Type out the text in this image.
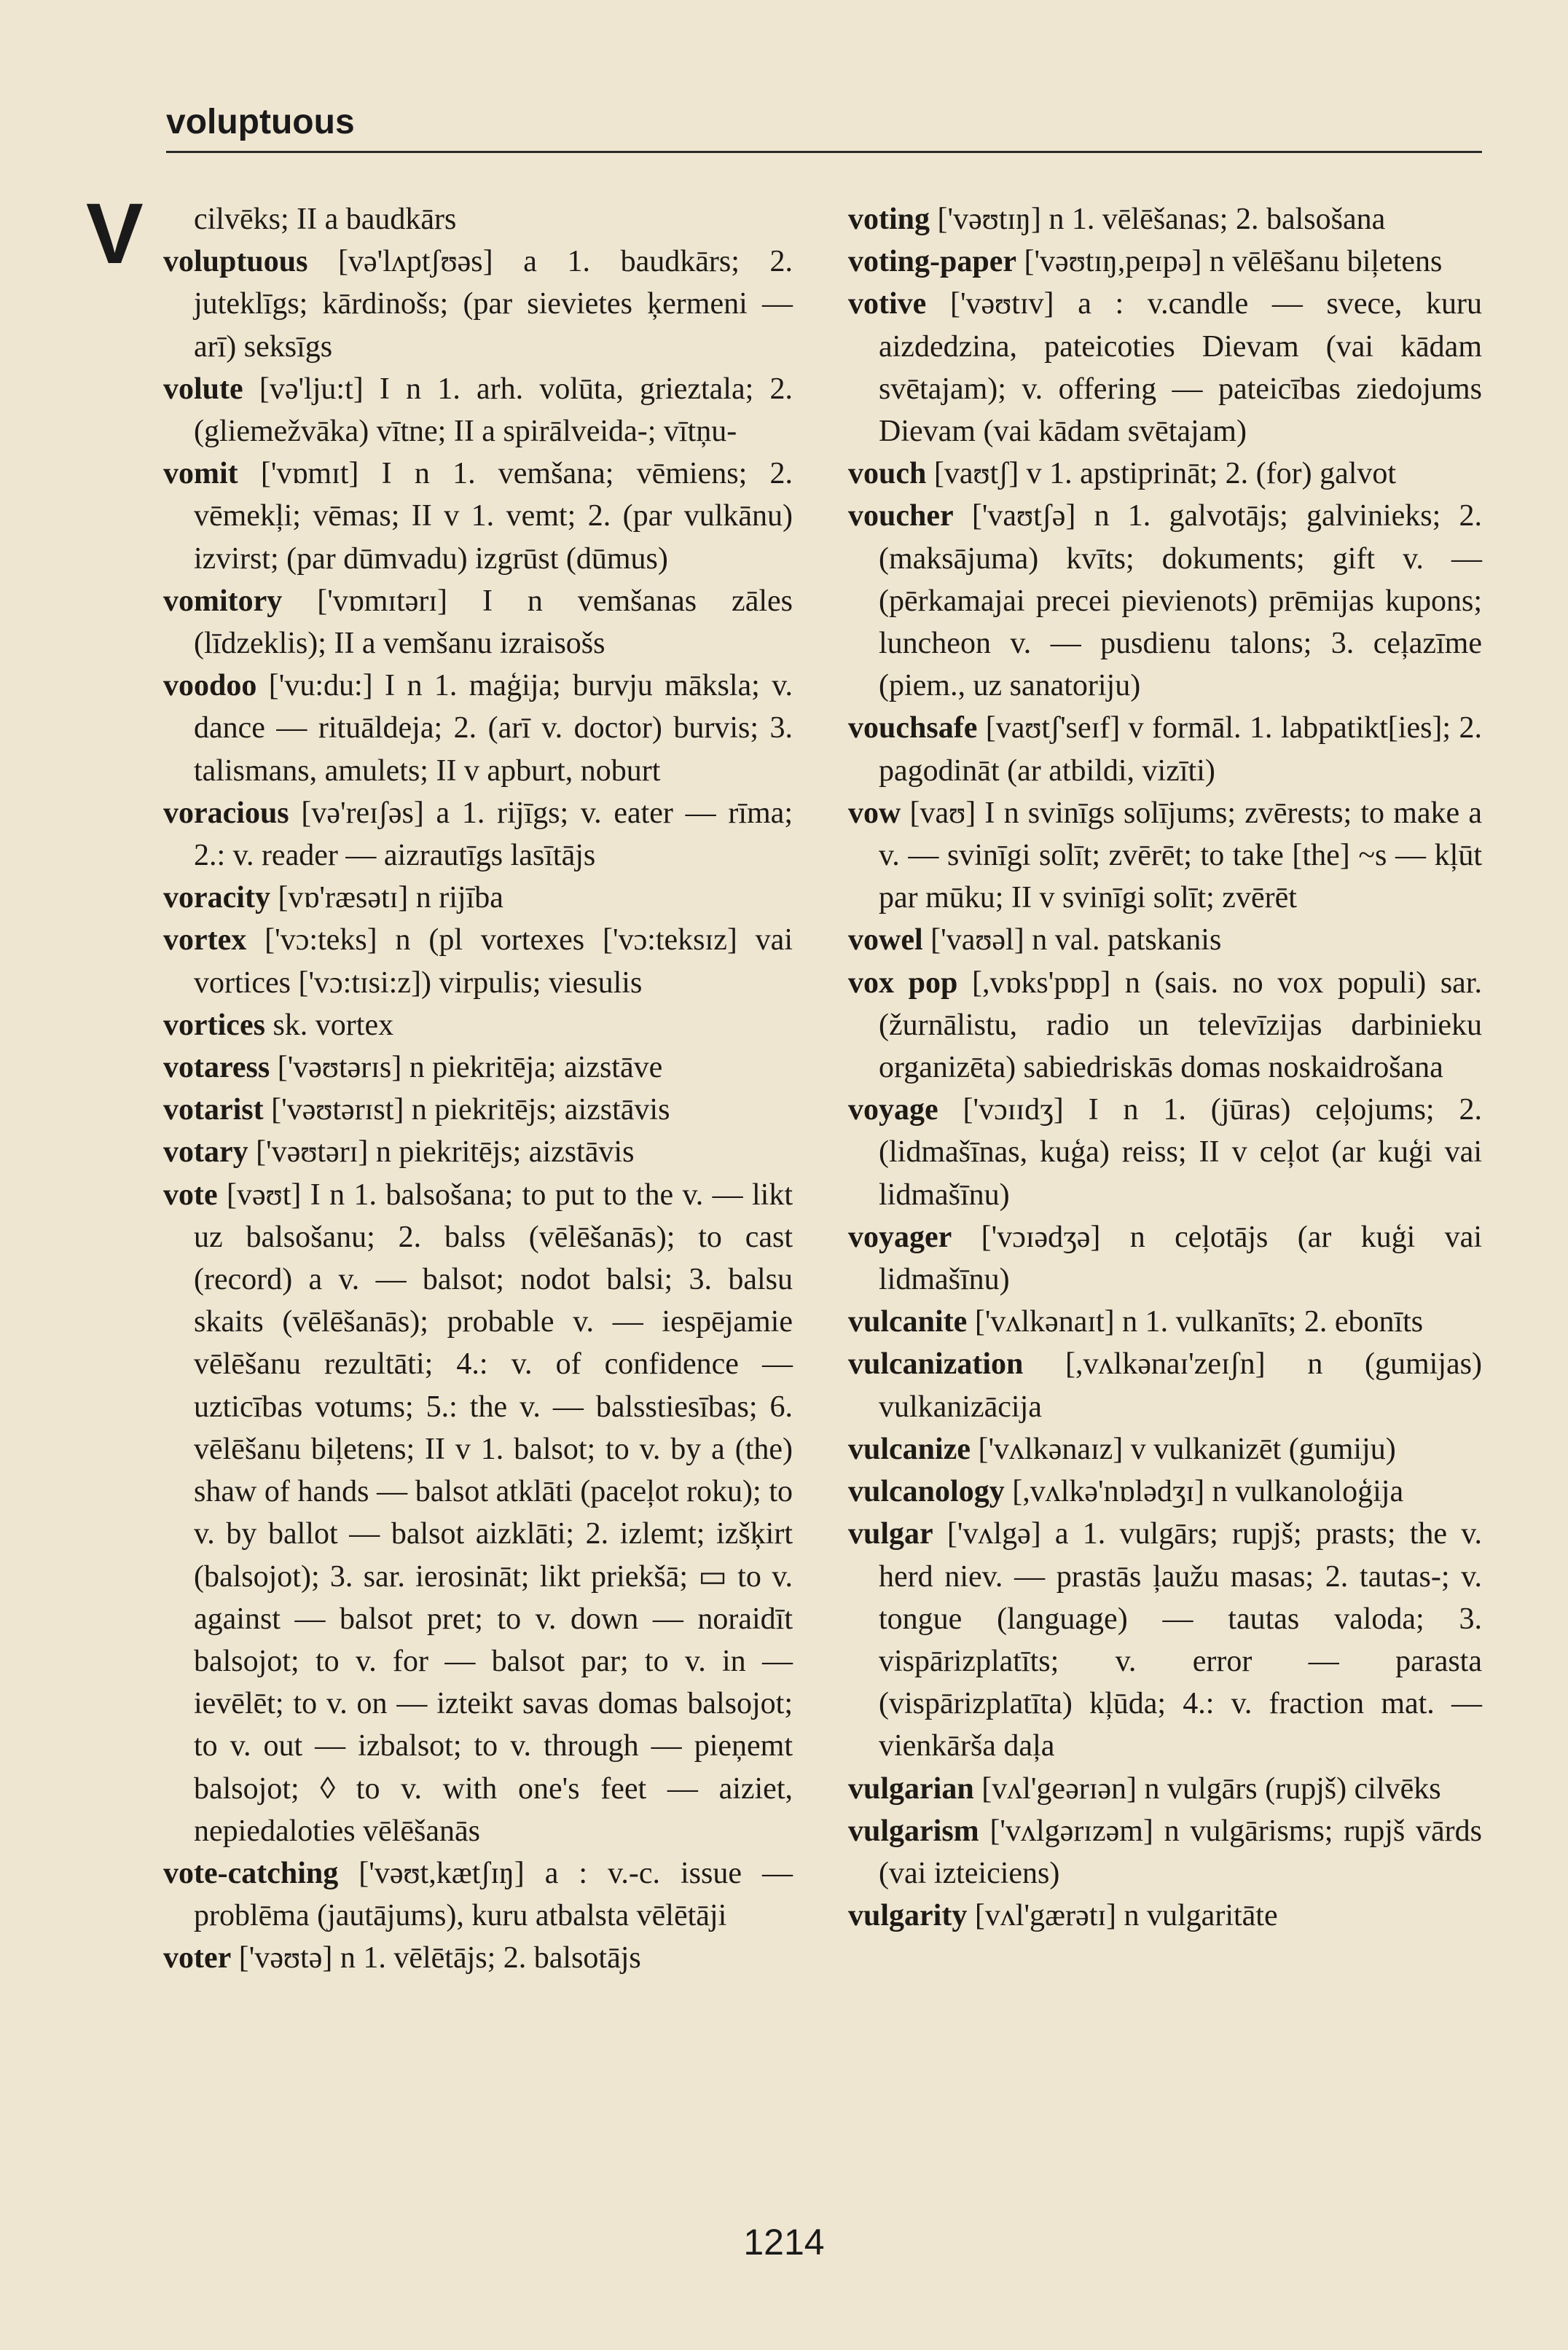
voluptuous
V	cilvēks; II a baudkārs
voluptuous [və'lʌptʃʊəs] a 1. baudkārs; 2. juteklīgs; kārdinošs; (par sievietes ķermeni — arī) seksīgs
volute [və'lju:t] I n 1. arh. volūta, grieztala; 2. (gliemežvāka) vītne; II a spirālveida-; vītņu-
vomit ['vɒmɪt] I n 1. vemšana; vēmiens; 2. vēmekļi; vēmas; II v 1. vemt; 2. (par vulkānu) izvirst; (par dūmvadu) izgrūst (dūmus)
vomitory ['vɒmɪtərɪ] I n vemšanas zāles (līdzeklis); II a vemšanu izraisošs
voodoo ['vu:du:] I n 1. maģija; burvju māksla; v. dance — rituāldeja; 2. (arī v. doctor) burvis; 3. talismans, amulets; II v apburt, noburt
voracious [və'reɪʃəs] a 1. rijīgs; v. eater — rīma; 2.: v. reader — aizrautīgs lasītājs
voracity [vɒ'ræsətɪ] n rijība
vortex ['vɔ:teks] n (pl vortexes ['vɔ:teksɪz] vai vortices ['vɔ:tɪsi:z]) virpulis; viesulis
vortices sk. vortex
votaress ['vəʊtərɪs] n piekritēja; aizstāve
votarist ['vəʊtərɪst] n piekritējs; aizstāvis
votary ['vəʊtərɪ] n piekritējs; aizstāvis
vote [vəʊt] I n 1. balsošana; to put to the v. — likt uz balsošanu; 2. balss (vēlēšanās); to cast (record) a v. — balsot; nodot balsi; 3. balsu skaits (vēlēšanās); probable v. — iespējamie vēlēšanu rezultāti; 4.: v. of confidence — uzticības votums; 5.: the v. — balsstiesības; 6. vēlēšanu biļetens; II v 1. balsot; to v. by a (the) shaw of hands — balsot atklāti (paceļot roku); to v. by ballot — balsot aizklāti; 2. izlemt; izšķirt (balsojot); 3. sar. ierosināt; likt priekšā; ▭ to v. against — balsot pret; to v. down — noraidīt balsojot; to v. for — balsot par; to v. in — ievēlēt; to v. on — izteikt savas domas balsojot; to v. out — izbalsot; to v. through — pieņemt balsojot; ◊ to v. with one's feet — aiziet, nepiedaloties vēlēšanās
vote-catching ['vəʊt,kætʃɪŋ] a : v.-c. issue — problēma (jautājums), kuru atbalsta vēlētāji
voter ['vəʊtə] n 1. vēlētājs; 2. balsotājs
voting ['vəʊtɪŋ] n 1. vēlēšanas; 2. balsošana
voting-paper ['vəʊtɪŋ,peɪpə] n vēlēšanu biļetens
votive ['vəʊtɪv] a : v.candle — svece, kuru aizdedzina, pateicoties Dievam (vai kādam svētajam); v. offering — pateicības ziedojums Dievam (vai kādam svētajam)
vouch [vaʊtʃ] v 1. apstiprināt; 2. (for) galvot
voucher ['vaʊtʃə] n 1. galvotājs; galvinieks; 2. (maksājuma) kvīts; dokuments; gift v. — (pērkamajai precei pievienots) prēmijas kupons; luncheon v. — pusdienu talons; 3. ceļazīme (piem., uz sanatoriju)
vouchsafe [vaʊtʃ'seɪf] v formāl. 1. labpatikt[ies]; 2. pagodināt (ar atbildi, vizīti)
vow [vaʊ] I n svinīgs solījums; zvērests; to make a v. — svinīgi solīt; zvērēt; to take [the] ~s — kļūt par mūku; II v svinīgi solīt; zvērēt
vowel ['vaʊəl] n val. patskanis
vox pop [,vɒks'pɒp] n (sais. no vox populi) sar. (žurnālistu, radio un televīzijas darbinieku organizēta) sabiedriskās domas noskaidrošana
voyage ['vɔɪɪdʒ] I n 1. (jūras) ceļojums; 2. (lidmašīnas, kuģa) reiss; II v ceļot (ar kuģi vai lidmašīnu)
voyager ['vɔɪədʒə] n ceļotājs (ar kuģi vai lidmašīnu)
vulcanite ['vʌlkənaɪt] n 1. vulkanīts; 2. ebonīts
vulcanization [,vʌlkənaɪ'zeɪʃn] n (gumijas) vulkanizācija
vulcanize ['vʌlkənaɪz] v vulkanizēt (gumiju)
vulcanology [,vʌlkə'nɒlədʒɪ] n vulkanoloģija
vulgar ['vʌlgə] a 1. vulgārs; rupjš; prasts; the v. herd niev. — prastās ļaužu masas; 2. tautas-; v. tongue (language) — tautas valoda; 3. vispārizplatīts; v. error — parasta (vispārizplatīta) kļūda; 4.: v. fraction mat. — vienkārša daļa
vulgarian [vʌl'geərɪən] n vulgārs (rupjš) cilvēks
vulgarism ['vʌlgərɪzəm] n vulgārisms; rupjš vārds (vai izteiciens)
vulgarity [vʌl'gærətɪ] n vulgaritāte
1214
